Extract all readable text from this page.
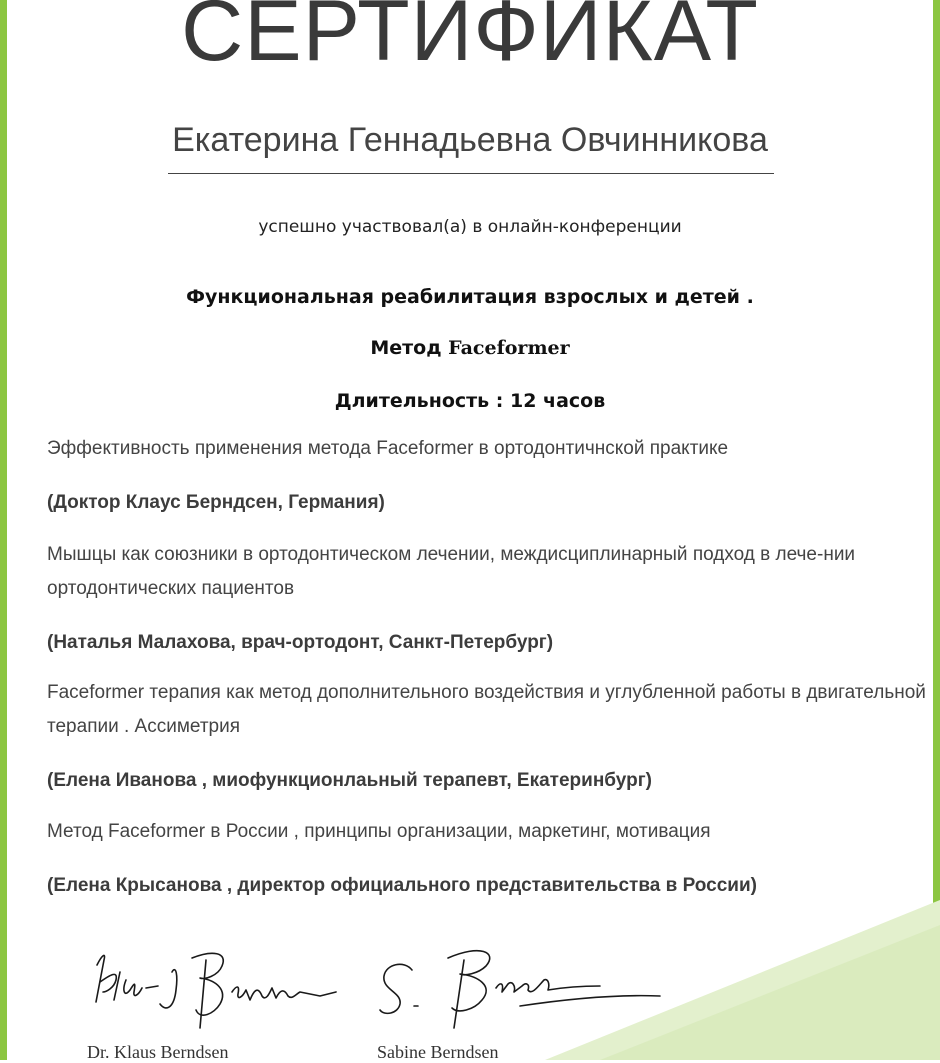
СЕРТИФИКАТ
Екатерина Геннадьевна Овчинникова
успешно участвовал(а) в онлайн-конференции
Функциональная реабилитация взрослых и детей .
Метод Faceformer
Длительность : 12 часов
Эффективность применения метода Faceformer в ортодонтичнской практике
(Доктор Клаус Берндсен, Германия)
Мышцы как союзники в ортодонтическом лечении, междисциплинарный подход в лече-нии ортодонтических пациентов
(Наталья Малахова, врач-ортодонт, Санкт-Петербург)
Faceformer терапия как метод дополнительного воздействия и углубленной работы в двигательной терапии . Ассиметрия
(Елена Иванова , миофункционлаьный терапевт, Екатеринбург)
Метод Faceformer в России , принципы организации, маркетинг, мотивация
(Елена Крысанова , директор официального представительства в России)
Dr. Klaus Berndsen	Sabine Berndsen
